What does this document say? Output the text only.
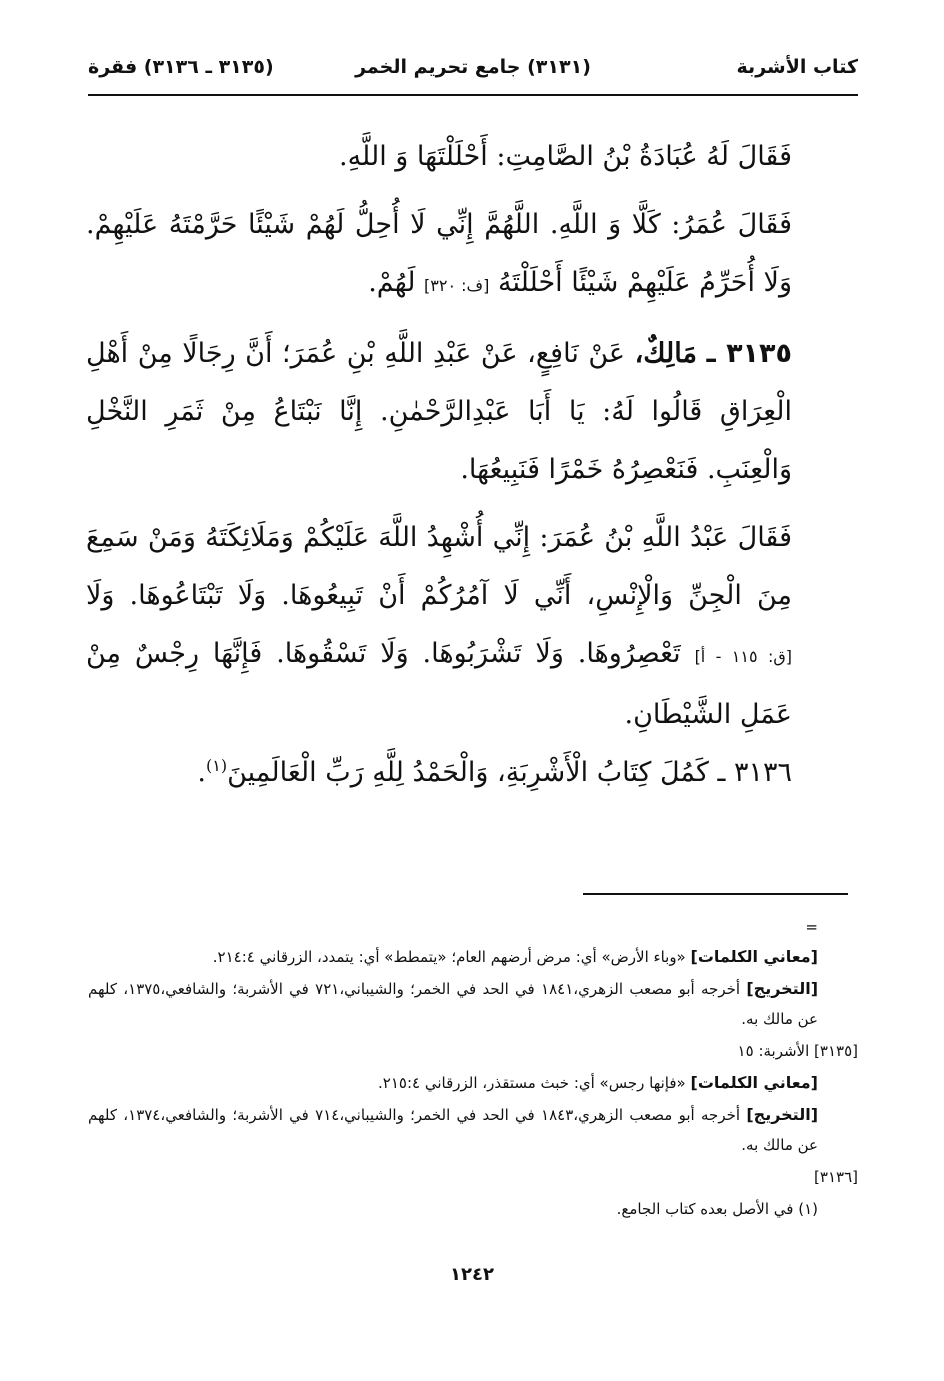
كتاب الأشربة
(٣١٣١) جامع تحريم الخمر
(٣١٣٥ ـ ٣١٣٦) فقرة

فَقَالَ لَهُ عُبَادَةُ بْنُ الصَّامِتِ: أَحْلَلْتَهَا وَ اللَّهِ.

فَقَالَ عُمَرُ: كَلَّا وَ اللَّهِ. اللَّهُمَّ إِنِّي لَا أُحِلُّ لَهُمْ شَيْئًا حَرَّمْتَهُ عَلَيْهِمْ. وَلَا أُحَرِّمُ عَلَيْهِمْ شَيْئًا أَحْلَلْتَهُ [ف: ٣٢٠] لَهُمْ.

٣١٣٥ ـ مَالِكٌ، عَنْ نَافِعٍ، عَنْ عَبْدِ اللَّهِ بْنِ عُمَرَ؛ أَنَّ رِجَالًا مِنْ أَهْلِ الْعِرَاقِ قَالُوا لَهُ: يَا أَبَا عَبْدِالرَّحْمٰنِ. إِنَّا نَبْتَاعُ مِنْ ثَمَرِ النَّخْلِ وَالْعِنَبِ. فَنَعْصِرُهُ خَمْرًا فَنَبِيعُهَا.

فَقَالَ عَبْدُ اللَّهِ بْنُ عُمَرَ: إِنِّي أُشْهِدُ اللَّهَ عَلَيْكُمْ وَمَلَائِكَتَهُ وَمَنْ سَمِعَ مِنَ الْجِنِّ وَالْإِنْسِ، أَنِّي لَا آمُرُكُمْ أَنْ تَبِيعُوهَا. وَلَا تَبْتَاعُوهَا. وَلَا [ق: ١١٥ - أ] تَعْصِرُوهَا. وَلَا تَشْرَبُوهَا. وَلَا تَسْقُوهَا. فَإِنَّهَا رِجْسٌ مِنْ عَمَلِ الشَّيْطَانِ.

٣١٣٦ ـ كَمُلَ كِتَابُ الْأَشْرِبَةِ، وَالْحَمْدُ لِلَّهِ رَبِّ الْعَالَمِينَ$^{(١)}$.

=

[معاني الكلمات] «وباء الأرض» أي: مرض أرضهم العام؛ «يتمطط» أي: يتمدد، الزرقاني ٢١٤:٤.

[التخريج] أخرجه أبو مصعب الزهري،١٨٤١ في الحد في الخمر؛ والشيباني،٧٢١ في الأشربة؛ والشافعي،١٣٧٥، كلهم عن مالك به.

[٣١٣٥] الأشربة: ١٥

[معاني الكلمات] «فإنها رجس» أي: خبث مستقذر، الزرقاني ٢١٥:٤.

[التخريج] أخرجه أبو مصعب الزهري،١٨٤٣ في الحد في الخمر؛ والشيباني،٧١٤ في الأشربة؛ والشافعي،١٣٧٤، كلهم عن مالك به.

[٣١٣٦]

(١) في الأصل بعده كتاب الجامع.

١٢٤٢
